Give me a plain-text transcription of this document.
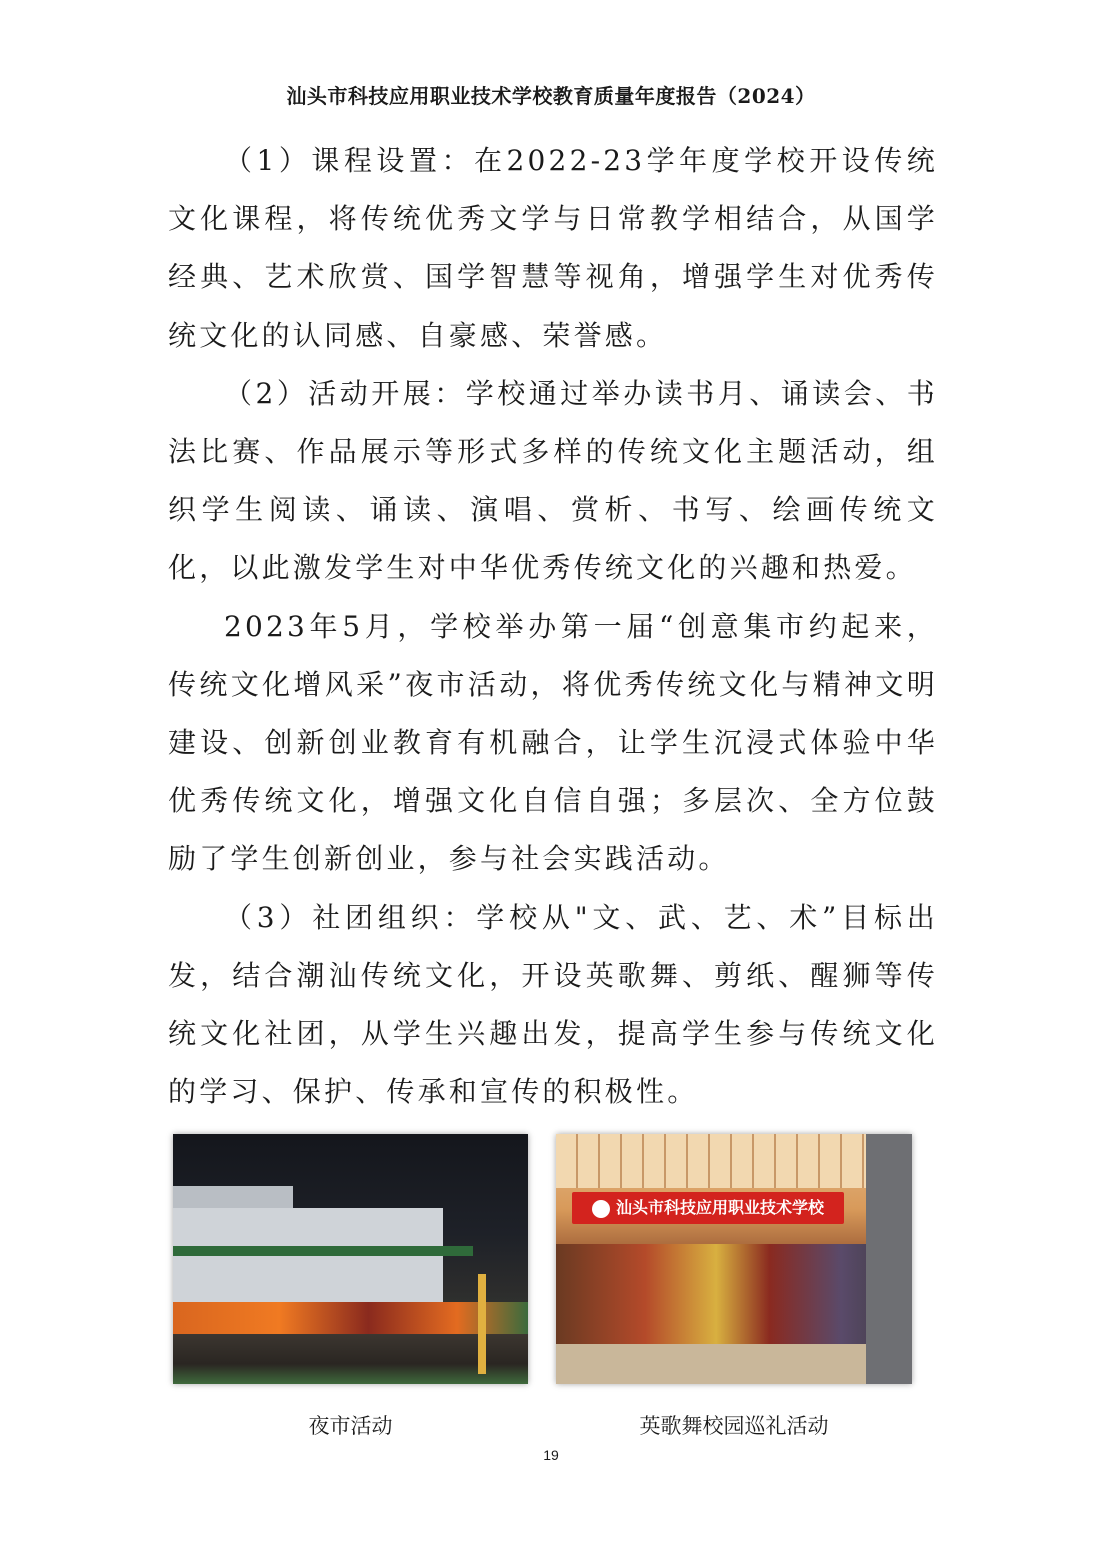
汕头市科技应用职业技术学校教育质量年度报告（2024）

（1）课程设置：在2022-23学年度学校开设传统文化课程，将传统优秀文学与日常教学相结合，从国学经典、艺术欣赏、国学智慧等视角，增强学生对优秀传统文化的认同感、自豪感、荣誉感。

（2）活动开展：学校通过举办读书月、诵读会、书法比赛、作品展示等形式多样的传统文化主题活动，组织学生阅读、诵读、演唱、赏析、书写、绘画传统文化，以此激发学生对中华优秀传统文化的兴趣和热爱。

2023年5月，学校举办第一届“创意集市约起来，传统文化增风采”夜市活动，将优秀传统文化与精神文明建设、创新创业教育有机融合，让学生沉浸式体验中华优秀传统文化，增强文化自信自强；多层次、全方位鼓励了学生创新创业，参与社会实践活动。

（3）社团组织：学校从"文、武、艺、术”目标出发，结合潮汕传统文化，开设英歌舞、剪纸、醒狮等传统文化社团，从学生兴趣出发，提高学生参与传统文化的学习、保护、传承和宣传的积极性。

夜市活动
汕头市科技应用职业技术学校
英歌舞校园巡礼活动
19
